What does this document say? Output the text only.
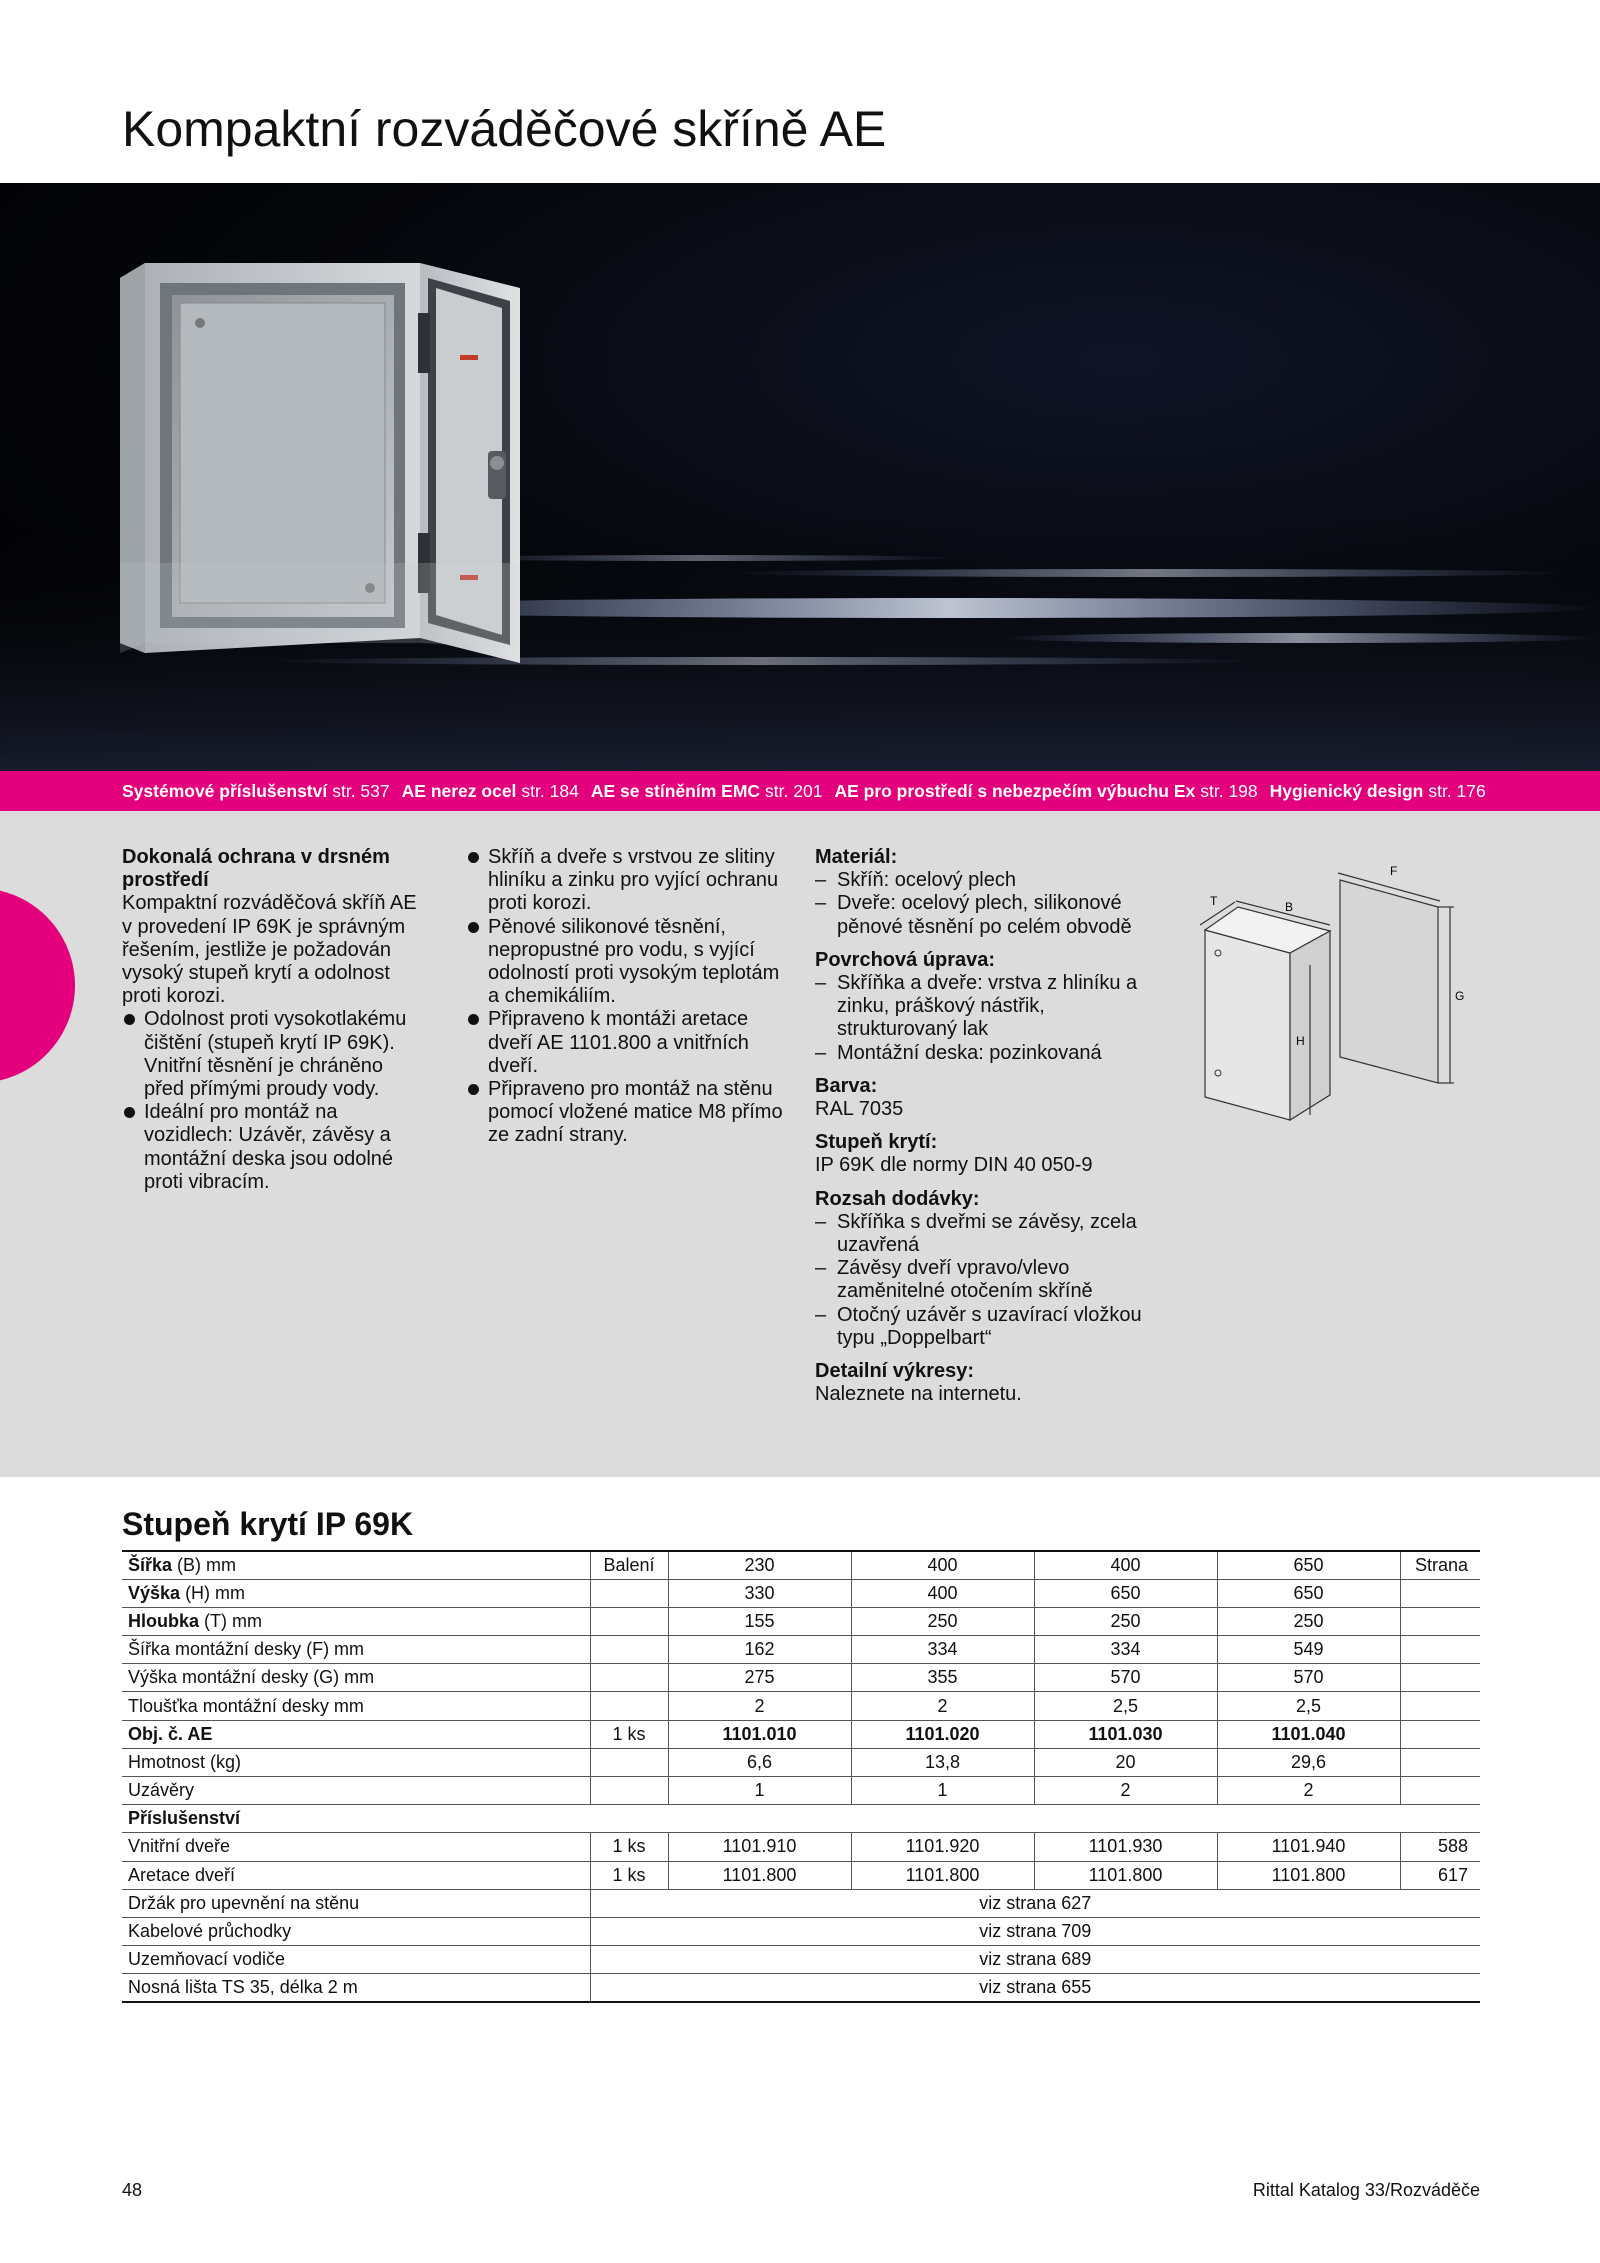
Kompaktní rozváděčové skříně AE
Systémové příslušenství str. 537 AE nerez ocel str. 184 AE se stíněním EMC str. 201 AE pro prostředí s nebezpečím výbuchu Ex str. 198 Hygienický design str. 176
Dokonalá ochrana v drsném prostředí
Kompaktní rozváděčová skříň AE v provedení IP 69K je správným řešením, jestliže je požadován vysoký stupeň krytí a odolnost proti korozi.
Odolnost proti vysokotlakému čištění (stupeň krytí IP 69K). Vnitřní těsnění je chráněno před přímými proudy vody.
Ideální pro montáž na vozidlech: Uzávěr, závěsy a montážní deska jsou odolné proti vibracím.
Skříň a dveře s vrstvou ze slitiny hliníku a zinku pro vyjící ochranu proti korozi.
Pěnové silikonové těsnění, nepropustné pro vodu, s vyjící odolností proti vysokým teplotám a chemikáliím.
Připraveno k montáži aretace dveří AE 1101.800 a vnitřních dveří.
Připraveno pro montáž na stěnu pomocí vložené matice M8 přímo ze zadní strany.
Materiál:
– Skříň: ocelový plech
– Dveře: ocelový plech, silikonové pěnové těsnění po celém obvodě
Povrchová úprava:
– Skříňka a dveře: vrstva z hliníku a zinku, práškový nástřik, strukturovaný lak
– Montážní deska: pozinkovaná
Barva:
RAL 7035
Stupeň krytí:
IP 69K dle normy DIN 40 050-9
Rozsah dodávky:
– Skříňka s dveřmi se závěsy, zcela uzavřená
– Závěsy dveří vpravo/vlevo zaměnitelné otočením skříně
– Otočný uzávěr s uzavírací vložkou typu „Doppelbart“
Detailní výkresy:
Naleznete na internetu.
T	B
F
G
H
Stupeň krytí IP 69K
Šířka (B) mm	Balení	230	400	400	650	Strana
Výška (H) mm		330	400	650	650	
Hloubka (T) mm		155	250	250	250	
Šířka montážní desky (F) mm		162	334	334	549	
Výška montážní desky (G) mm		275	355	570	570	
Tloušťka montážní desky mm		2	2	2,5	2,5	
Obj. č. AE	1 ks	1101.010	1101.020	1101.030	1101.040	
Hmotnost (kg)		6,6	13,8	20	29,6	
Uzávěry		1	1	2	2	
Příslušenství						
Vnitřní dveře	1 ks	1101.910	1101.920	1101.930	1101.940	588
Aretace dveří	1 ks	1101.800	1101.800	1101.800	1101.800	617
Držák pro upevnění na stěnu	viz strana 627					
Kabelové průchodky	viz strana 709					
Uzemňovací vodiče	viz strana 689					
Nosná lišta TS 35, délka 2 m	viz strana 655					
48	Rittal Katalog 33/Rozváděče
